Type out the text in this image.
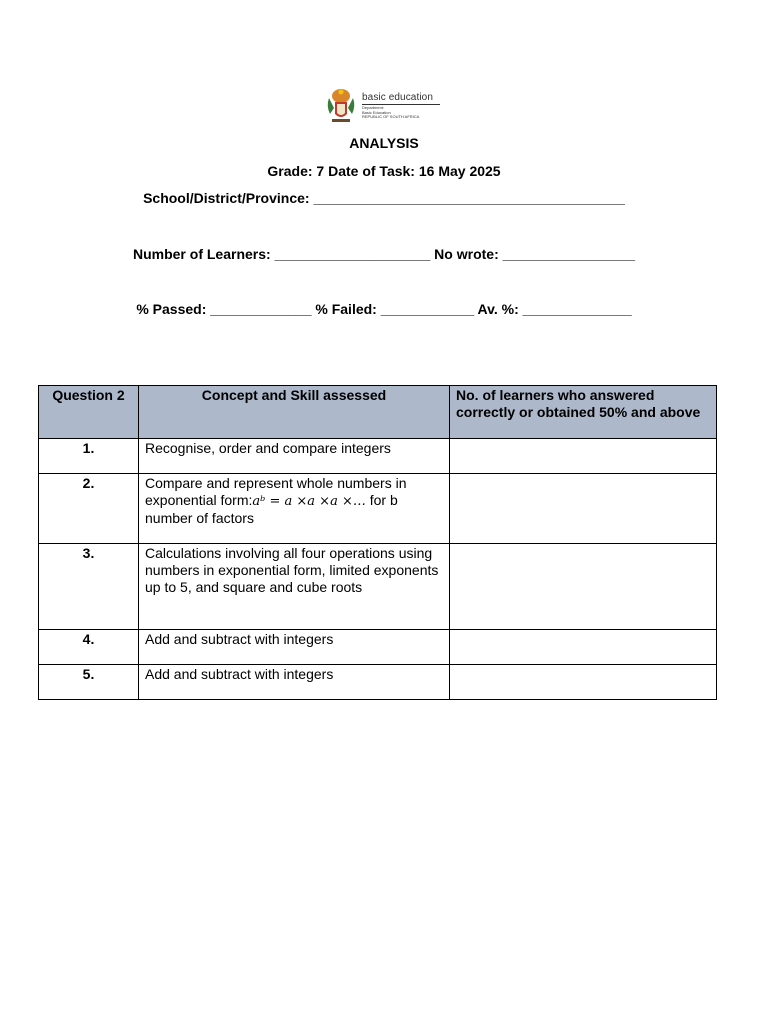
basic education
Department:
Basic Education
REPUBLIC OF SOUTH AFRICA
ANALYSIS
Grade: 7 Date of Task: 16 May 2025
School/District/Province: ________________________________________
Number of Learners: ____________________ No wrote: _________________
% Passed: _____________ % Failed: ____________ Av. %: ______________
Question 2	Concept and Skill assessed	No. of learners who answered correctly or obtained 50% and above
1.	Recognise, order and compare integers	
2.	Compare and represent whole numbers in exponential form:aᵇ = a ×a ×a ×… for b number of factors	
3.	Calculations involving all four operations using numbers in exponential form, limited exponents up to 5, and square and cube roots	
4.	Add and subtract with integers	
5.	Add and subtract with integers	
